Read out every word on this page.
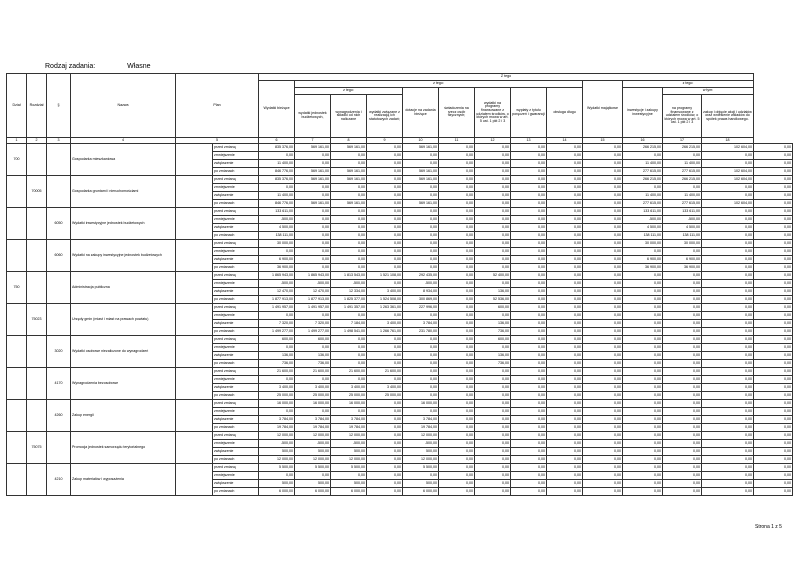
Rodzaj zadania:	Własne
Dział	Rozdział	§	Nazwa	Plan		Z tego													
						Wydatki bieżące	z tego:								Wydatki majątkowe	z tego:			
							z tego:			dotacje na zadania bieżące	świadczenia na rzecz osób fizycznych;	wydatki na programy finansowane z udziałem środków, o których mowa w art. 5 ust. 1 pkt 2 i 3	wypłaty z tytułu poręczeń i gwarancji	obsługa długu		inwestycje i zakupy inwestycyjne	w tym:		
							wydatki jednostek budżetowych,	wynagrodzenia i składki od nich naliczane	wydatki związane z realizacją ich statutowych zadań;								na programy finansowane z udziałem środków, o których mowa w art. 5 ust. 1 pkt 2 i 3	zakup i objęcie akcji i udziałów oraz wniesienie wkładów do spółek prawa handlowego.	
1	2	3	4	5		6	7	8	9	10	11	12	13	14	15	16	17	18	
700			Gospodarka mieszkaniowa		przed zmianą	835 376,00	569 161,00	569 161,00	0,00	569 161,00	0,00	0,00	0,00	0,00	0,00	266 215,00	266 215,00	102 604,00	0,00
					zmniejszenie	0,00	0,00	0,00	0,00	0,00	0,00	0,00	0,00	0,00	0,00	0,00	0,00	0,00	0,00
					zwiększenie	11 400,00	0,00	0,00	0,00	0,00	0,00	0,00	0,00	0,00	0,00	11 400,00	11 400,00	0,00	0,00
					po zmianach	846 776,00	569 161,00	569 161,00	0,00	569 161,00	0,00	0,00	0,00	0,00	0,00	277 615,00	277 615,00	102 604,00	0,00
	70005		Gospodarka gruntami i nieruchomościami		przed zmianą	835 376,00	569 161,00	569 161,00	0,00	569 161,00	0,00	0,00	0,00	0,00	0,00	266 215,00	266 215,00	102 604,00	0,00
					zmniejszenie	0,00	0,00	0,00	0,00	0,00	0,00	0,00	0,00	0,00	0,00	0,00	0,00	0,00	0,00
					zwiększenie	11 400,00	0,00	0,00	0,00	0,00	0,00	0,00	0,00	0,00	0,00	11 400,00	11 400,00	0,00	0,00
					po zmianach	846 776,00	569 161,00	569 161,00	0,00	569 161,00	0,00	0,00	0,00	0,00	0,00	277 615,00	277 615,00	102 604,00	0,00
		6050	Wydatki inwestycyjne jednostek budżetowych		przed zmianą	133 611,00	0,00	0,00	0,00	0,00	0,00	0,00	0,00	0,00	0,00	133 611,00	133 611,00	0,00	0,00
					zmniejszenie	-500,00	0,00	0,00	0,00	0,00	0,00	0,00	0,00	0,00	0,00	-500,00	-500,00	0,00	0,00
					zwiększenie	4 500,00	0,00	0,00	0,00	0,00	0,00	0,00	0,00	0,00	0,00	4 500,00	4 500,00	0,00	0,00
					po zmianach	138 111,00	0,00	0,00	0,00	0,00	0,00	0,00	0,00	0,00	0,00	138 111,00	138 111,00	0,00	0,00
		6060	Wydatki na zakupy inwestycyjne jednostek budżetowych		przed zmianą	30 000,00	0,00	0,00	0,00	0,00	0,00	0,00	0,00	0,00	0,00	30 000,00	30 000,00	0,00	0,00
					zmniejszenie	0,00	0,00	0,00	0,00	0,00	0,00	0,00	0,00	0,00	0,00	0,00	0,00	0,00	0,00
					zwiększenie	6 900,00	0,00	0,00	0,00	0,00	0,00	0,00	0,00	0,00	0,00	6 900,00	6 900,00	0,00	0,00
					po zmianach	36 900,00	0,00	0,00	0,00	0,00	0,00	0,00	0,00	0,00	0,00	36 900,00	36 900,00	0,00	0,00
750			Administracja publiczna		przed zmianą	1 865 943,00	1 865 943,00	1 813 543,00	1 521 108,00	292 435,00	0,00	52 400,00	0,00	0,00	0,00	0,00	0,00	0,00	0,00
					zmniejszenie	-500,00	-500,00	-500,00	0,00	-500,00	0,00	0,00	0,00	0,00	0,00	0,00	0,00	0,00	0,00
					zwiększenie	12 470,00	12 470,00	12 334,00	3 400,00	8 934,00	0,00	136,00	0,00	0,00	0,00	0,00	0,00	0,00	0,00
					po zmianach	1 877 913,00	1 877 913,00	1 825 377,00	1 524 508,00	300 869,00	0,00	52 536,00	0,00	0,00	0,00	0,00	0,00	0,00	0,00
	75023		Urzędy gmin (miast i miast na prawach powiatu)		przed zmianą	1 491 957,00	1 491 957,00	1 491 357,00	1 263 361,00	227 996,00	0,00	600,00	0,00	0,00	0,00	0,00	0,00	0,00	0,00
					zmniejszenie	0,00	0,00	0,00	0,00	0,00	0,00	0,00	0,00	0,00	0,00	0,00	0,00	0,00	0,00
					zwiększenie	7 320,00	7 320,00	7 184,00	3 400,00	3 784,00	0,00	136,00	0,00	0,00	0,00	0,00	0,00	0,00	0,00
					po zmianach	1 499 277,00	1 499 277,00	1 498 541,00	1 266 761,00	231 780,00	0,00	736,00	0,00	0,00	0,00	0,00	0,00	0,00	0,00
		3020	Wydatki osobowe niezaliczone do wynagrodzeń		przed zmianą	600,00	600,00	0,00	0,00	0,00	0,00	600,00	0,00	0,00	0,00	0,00	0,00	0,00	0,00
					zmniejszenie	0,00	0,00	0,00	0,00	0,00	0,00	0,00	0,00	0,00	0,00	0,00	0,00	0,00	0,00
					zwiększenie	136,00	136,00	0,00	0,00	0,00	0,00	136,00	0,00	0,00	0,00	0,00	0,00	0,00	0,00
					po zmianach	736,00	736,00	0,00	0,00	0,00	0,00	736,00	0,00	0,00	0,00	0,00	0,00	0,00	0,00
		4170	Wynagrodzenia bezosobowe		przed zmianą	21 600,00	21 600,00	21 600,00	21 600,00	0,00	0,00	0,00	0,00	0,00	0,00	0,00	0,00	0,00	0,00
					zmniejszenie	0,00	0,00	0,00	0,00	0,00	0,00	0,00	0,00	0,00	0,00	0,00	0,00	0,00	0,00
					zwiększenie	3 400,00	3 400,00	3 400,00	3 400,00	0,00	0,00	0,00	0,00	0,00	0,00	0,00	0,00	0,00	0,00
					po zmianach	25 000,00	25 000,00	25 000,00	25 000,00	0,00	0,00	0,00	0,00	0,00	0,00	0,00	0,00	0,00	0,00
		4260	Zakup energii		przed zmianą	16 000,00	16 000,00	16 000,00	0,00	16 000,00	0,00	0,00	0,00	0,00	0,00	0,00	0,00	0,00	0,00
					zmniejszenie	0,00	0,00	0,00	0,00	0,00	0,00	0,00	0,00	0,00	0,00	0,00	0,00	0,00	0,00
					zwiększenie	3 784,00	3 784,00	3 784,00	0,00	3 784,00	0,00	0,00	0,00	0,00	0,00	0,00	0,00	0,00	0,00
					po zmianach	19 784,00	19 784,00	19 784,00	0,00	19 784,00	0,00	0,00	0,00	0,00	0,00	0,00	0,00	0,00	0,00
	75075		Promocja jednostek samorządu terytorialnego		przed zmianą	12 000,00	12 000,00	12 000,00	0,00	12 000,00	0,00	0,00	0,00	0,00	0,00	0,00	0,00	0,00	0,00
					zmniejszenie	-500,00	-500,00	-500,00	0,00	-500,00	0,00	0,00	0,00	0,00	0,00	0,00	0,00	0,00	0,00
					zwiększenie	500,00	500,00	500,00	0,00	500,00	0,00	0,00	0,00	0,00	0,00	0,00	0,00	0,00	0,00
					po zmianach	12 000,00	12 000,00	12 000,00	0,00	12 000,00	0,00	0,00	0,00	0,00	0,00	0,00	0,00	0,00	0,00
		4210	Zakup materiałów i wyposażenia		przed zmianą	5 500,00	5 500,00	5 500,00	0,00	5 500,00	0,00	0,00	0,00	0,00	0,00	0,00	0,00	0,00	0,00
					zmniejszenie	0,00	0,00	0,00	0,00	0,00	0,00	0,00	0,00	0,00	0,00	0,00	0,00	0,00	0,00
					zwiększenie	500,00	500,00	500,00	0,00	500,00	0,00	0,00	0,00	0,00	0,00	0,00	0,00	0,00	0,00
					po zmianach	6 000,00	6 000,00	6 000,00	0,00	6 000,00	0,00	0,00	0,00	0,00	0,00	0,00	0,00	0,00	0,00
Strona 1 z 5
